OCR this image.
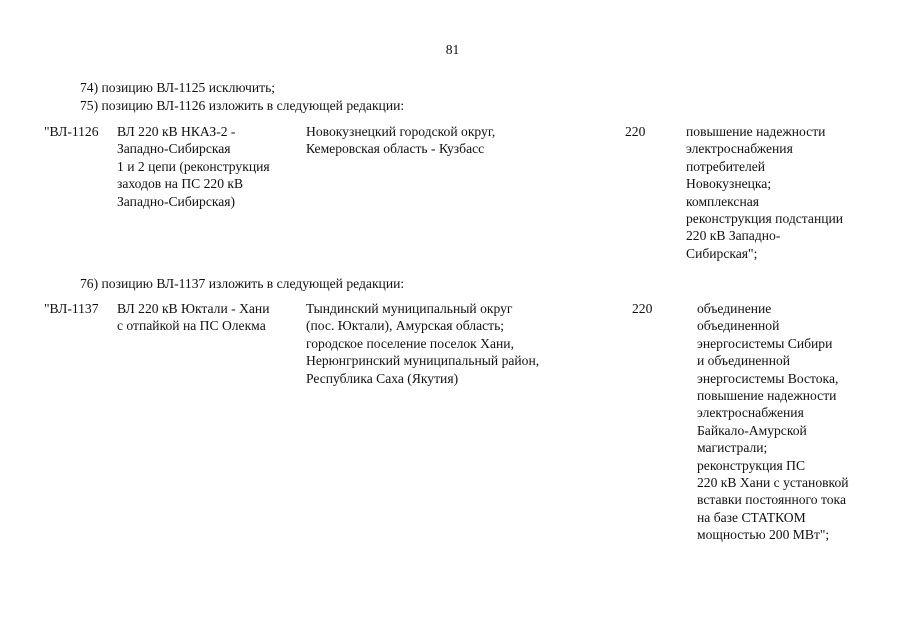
81
74) позицию ВЛ-1125 исключить;
75) позицию ВЛ-1126 изложить в следующей редакции:
"ВЛ-1126 ВЛ 220 кВ НКАЗ-2 -
Западно-Сибирская
1 и 2 цепи (реконструкция
заходов на ПС 220 кВ
Западно-Сибирская)
Новокузнецкий городской округ,
Кемеровская область - Кузбасс
220	повышение надежности
электроснабжения
потребителей
Новокузнецка;
комплексная
реконструкция подстанции
220 кВ Западно-
Сибирская";
76) позицию ВЛ-1137 изложить в следующей редакции:
"ВЛ-1137 ВЛ 220 кВ Юктали - Хани
с отпайкой на ПС Олекма
Тындинский муниципальный округ
(пос. Юктали), Амурская область;
городское поселение поселок Хани,
Нерюнгринский муниципальный район,
Республика Саха (Якутия)
220	объединение
объединенной
энергосистемы Сибири
и объединенной
энергосистемы Востока,
повышение надежности
электроснабжения
Байкало-Амурской
магистрали;
реконструкция ПС
220 кВ Хани с установкой
вставки постоянного тока
на базе СТАТКОМ
мощностью 200 МВт";
